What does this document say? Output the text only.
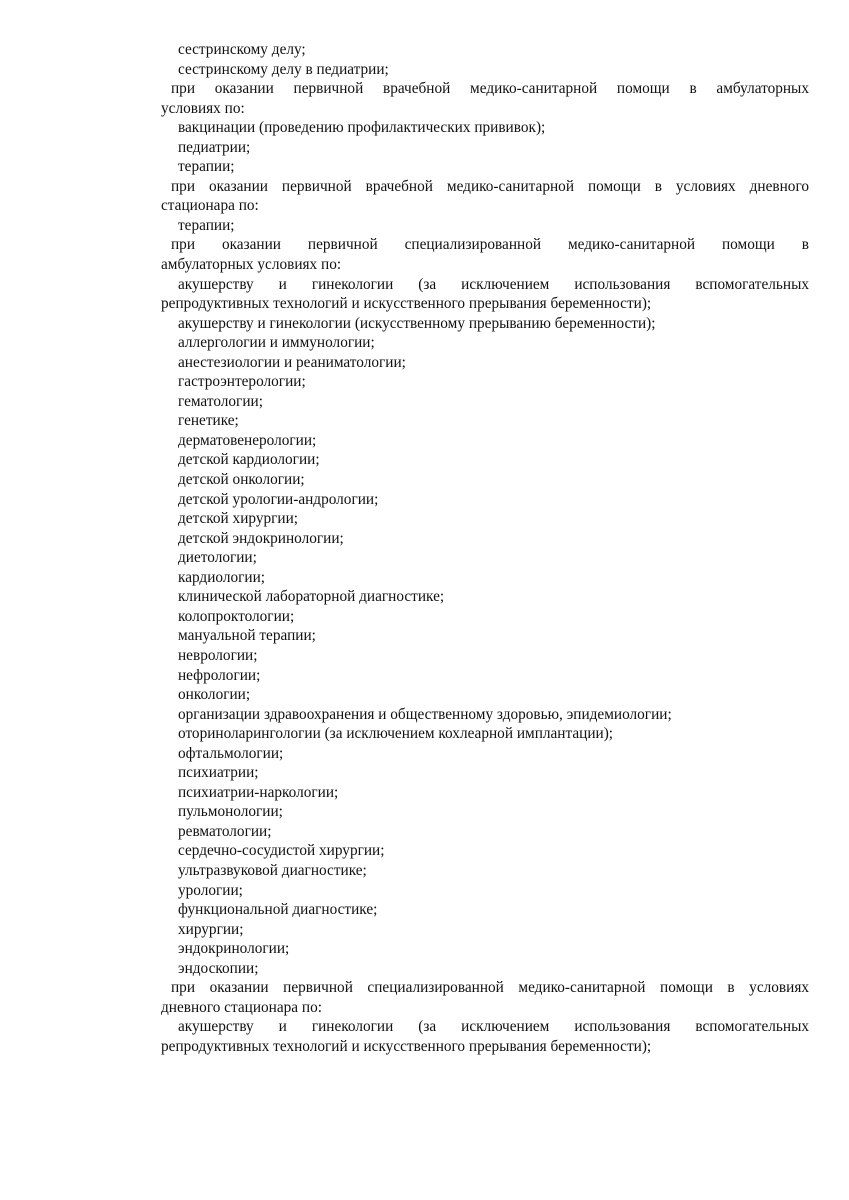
сестринскому делу;

сестринскому делу в педиатрии;

при оказании первичной врачебной медико-санитарной помощи в амбулаторных

условиях по:

вакцинации (проведению профилактических прививок);

педиатрии;

терапии;

при оказании первичной врачебной медико-санитарной помощи в условиях дневного

стационара по:

терапии;

при оказании первичной специализированной медико-санитарной помощи в

амбулаторных условиях по:

акушерству и гинекологии (за исключением использования вспомогательных

репродуктивных технологий и искусственного прерывания беременности);

акушерству и гинекологии (искусственному прерыванию беременности);

аллергологии и иммунологии;

анестезиологии и реаниматологии;

гастроэнтерологии;

гематологии;

генетике;

дерматовенерологии;

детской кардиологии;

детской онкологии;

детской урологии-андрологии;

детской хирургии;

детской эндокринологии;

диетологии;

кардиологии;

клинической лабораторной диагностике;

колопроктологии;

мануальной терапии;

неврологии;

нефрологии;

онкологии;

организации здравоохранения и общественному здоровью, эпидемиологии;

оториноларингологии (за исключением кохлеарной имплантации);

офтальмологии;

психиатрии;

психиатрии-наркологии;

пульмонологии;

ревматологии;

сердечно-сосудистой хирургии;

ультразвуковой диагностике;

урологии;

функциональной диагностике;

хирургии;

эндокринологии;

эндоскопии;

при оказании первичной специализированной медико-санитарной помощи в условиях

дневного стационара по:

акушерству и гинекологии (за исключением использования вспомогательных

репродуктивных технологий и искусственного прерывания беременности);
